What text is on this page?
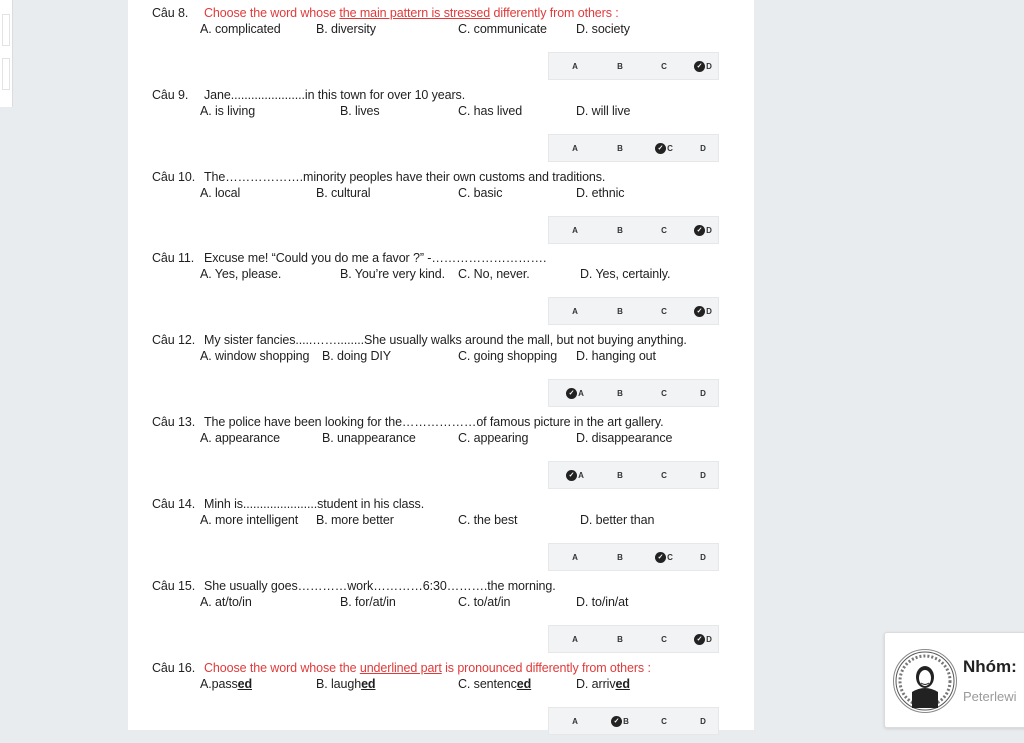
Câu 8. Choose the word whose the main pattern is stressed differently from others :
A. complicated	B. diversity	C. communicate D. society
A	B	C	✓ D
Câu 9. Jane......................in this town for over 10 years.
A. is living	B. lives	C. has lived	D. will live
A	B	✓ C	D
Câu 10. The……………….minority peoples have their own customs and traditions.
A. local	B. cultural	C. basic	D. ethnic
A	B	C	✓ D
Câu 11. Excuse me! “Could you do me a favor ?” -……………………….
A. Yes, please.	B. You’re very kind. C. No, never.	D. Yes, certainly.
A	B	C	✓ D
Câu 12. My sister fancies.....……........She usually walks around the mall, but not buying anything.
A. window shopping B. doing DIY	C. going shopping D. hanging out
✓ A	B	C	D
Câu 13. The police have been looking for the………………of famous picture in the art gallery.
A. appearance	B. unappearance	C. appearing	D. disappearance
✓ A	B	C	D
Câu 14. Minh is......................student in his class.
A. more intelligent B. more better	C. the best	D. better than
A	B	✓ C	D
Câu 15. She usually goes…………work…………6:30……….the morning.
A. at/to/in	B. for/at/in	C. to/at/in	D. to/in/at
A	B	C	✓ D
Câu 16. Choose the word whose the underlined part is pronounced differently from others :
A.passed	B. laughed	C. sentenced	D. arrived
A	✓ B	C	D
Nhóm:
Peterlewi
